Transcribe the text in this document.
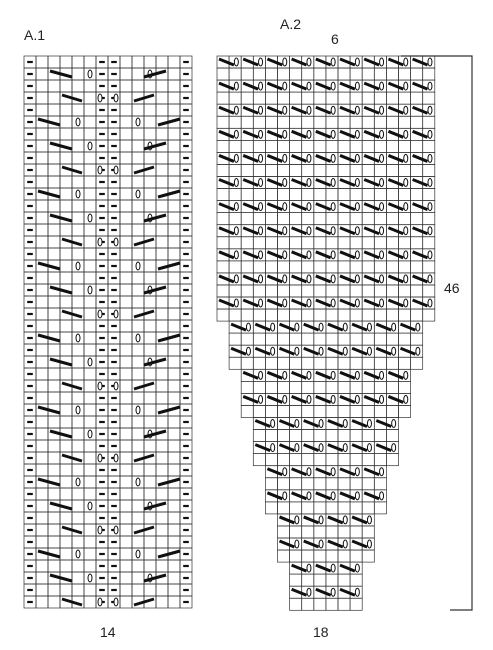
A.1
A.2
6
46
14	18
